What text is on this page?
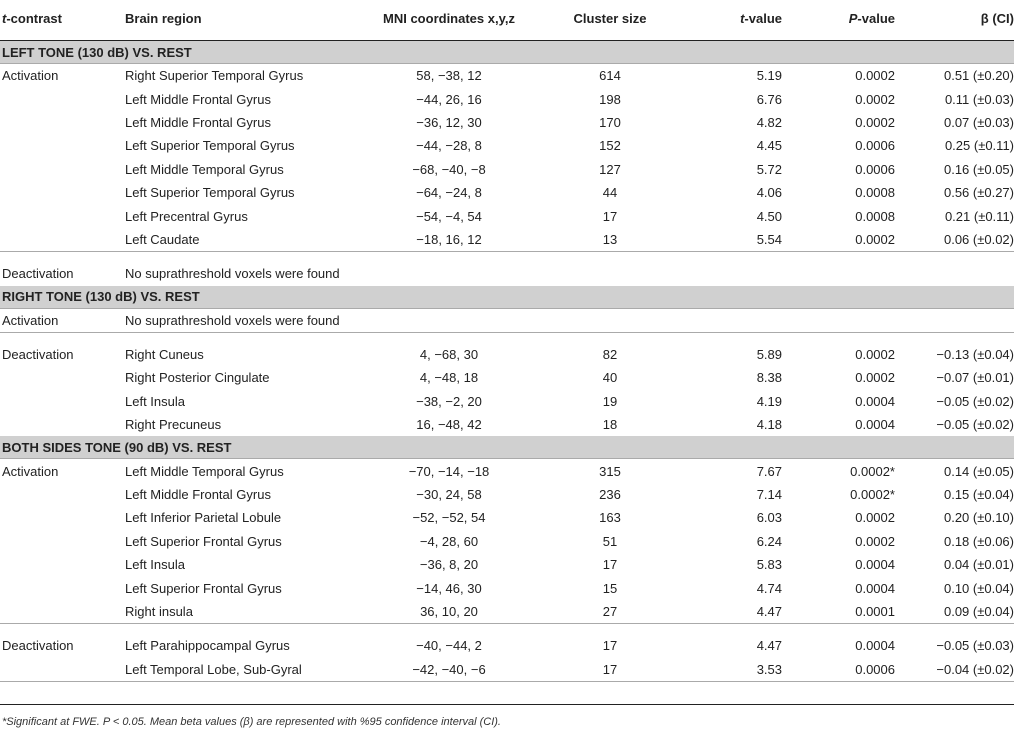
t-contrast	Brain region	MNI coordinates x,y,z	Cluster size	t-value	P-value	β (CI)
LEFT TONE (130 dB) VS. REST						
Activation	Right Superior Temporal Gyrus	58, −38, 12	614	5.19	0.0002	0.51 (±0.20)
	Left Middle Frontal Gyrus	−44, 26, 16	198	6.76	0.0002	0.11 (±0.03)
	Left Middle Frontal Gyrus	−36, 12, 30	170	4.82	0.0002	0.07 (±0.03)
	Left Superior Temporal Gyrus	−44, −28, 8	152	4.45	0.0006	0.25 (±0.11)
	Left Middle Temporal Gyrus	−68, −40, −8	127	5.72	0.0006	0.16 (±0.05)
	Left Superior Temporal Gyrus	−64, −24, 8	44	4.06	0.0008	0.56 (±0.27)
	Left Precentral Gyrus	−54, −4, 54	17	4.50	0.0008	0.21 (±0.11)
	Left Caudate	−18, 16, 12	13	5.54	0.0002	0.06 (±0.02)

Deactivation	No suprathreshold voxels were found					
RIGHT TONE (130 dB) VS. REST						
Activation	No suprathreshold voxels were found					

Deactivation	Right Cuneus	4, −68, 30	82	5.89	0.0002	−0.13 (±0.04)
	Right Posterior Cingulate	4, −48, 18	40	8.38	0.0002	−0.07 (±0.01)
	Left Insula	−38, −2, 20	19	4.19	0.0004	−0.05 (±0.02)
	Right Precuneus	16, −48, 42	18	4.18	0.0004	−0.05 (±0.02)
BOTH SIDES TONE (90 dB) VS. REST						
Activation	Left Middle Temporal Gyrus	−70, −14, −18	315	7.67	0.0002*	0.14 (±0.05)
	Left Middle Frontal Gyrus	−30, 24, 58	236	7.14	0.0002*	0.15 (±0.04)
	Left Inferior Parietal Lobule	−52, −52, 54	163	6.03	0.0002	0.20 (±0.10)
	Left Superior Frontal Gyrus	−4, 28, 60	51	6.24	0.0002	0.18 (±0.06)
	Left Insula	−36, 8, 20	17	5.83	0.0004	0.04 (±0.01)
	Left Superior Frontal Gyrus	−14, 46, 30	15	4.74	0.0004	0.10 (±0.04)
	Right insula	36, 10, 20	27	4.47	0.0001	0.09 (±0.04)

Deactivation	Left Parahippocampal Gyrus	−40, −44, 2	17	4.47	0.0004	−0.05 (±0.03)
	Left Temporal Lobe, Sub-Gyral	−42, −40, −6	17	3.53	0.0006	−0.04 (±0.02)

*Significant at FWE. P < 0.05. Mean beta values (β) are represented with %95 confidence interval (CI).
